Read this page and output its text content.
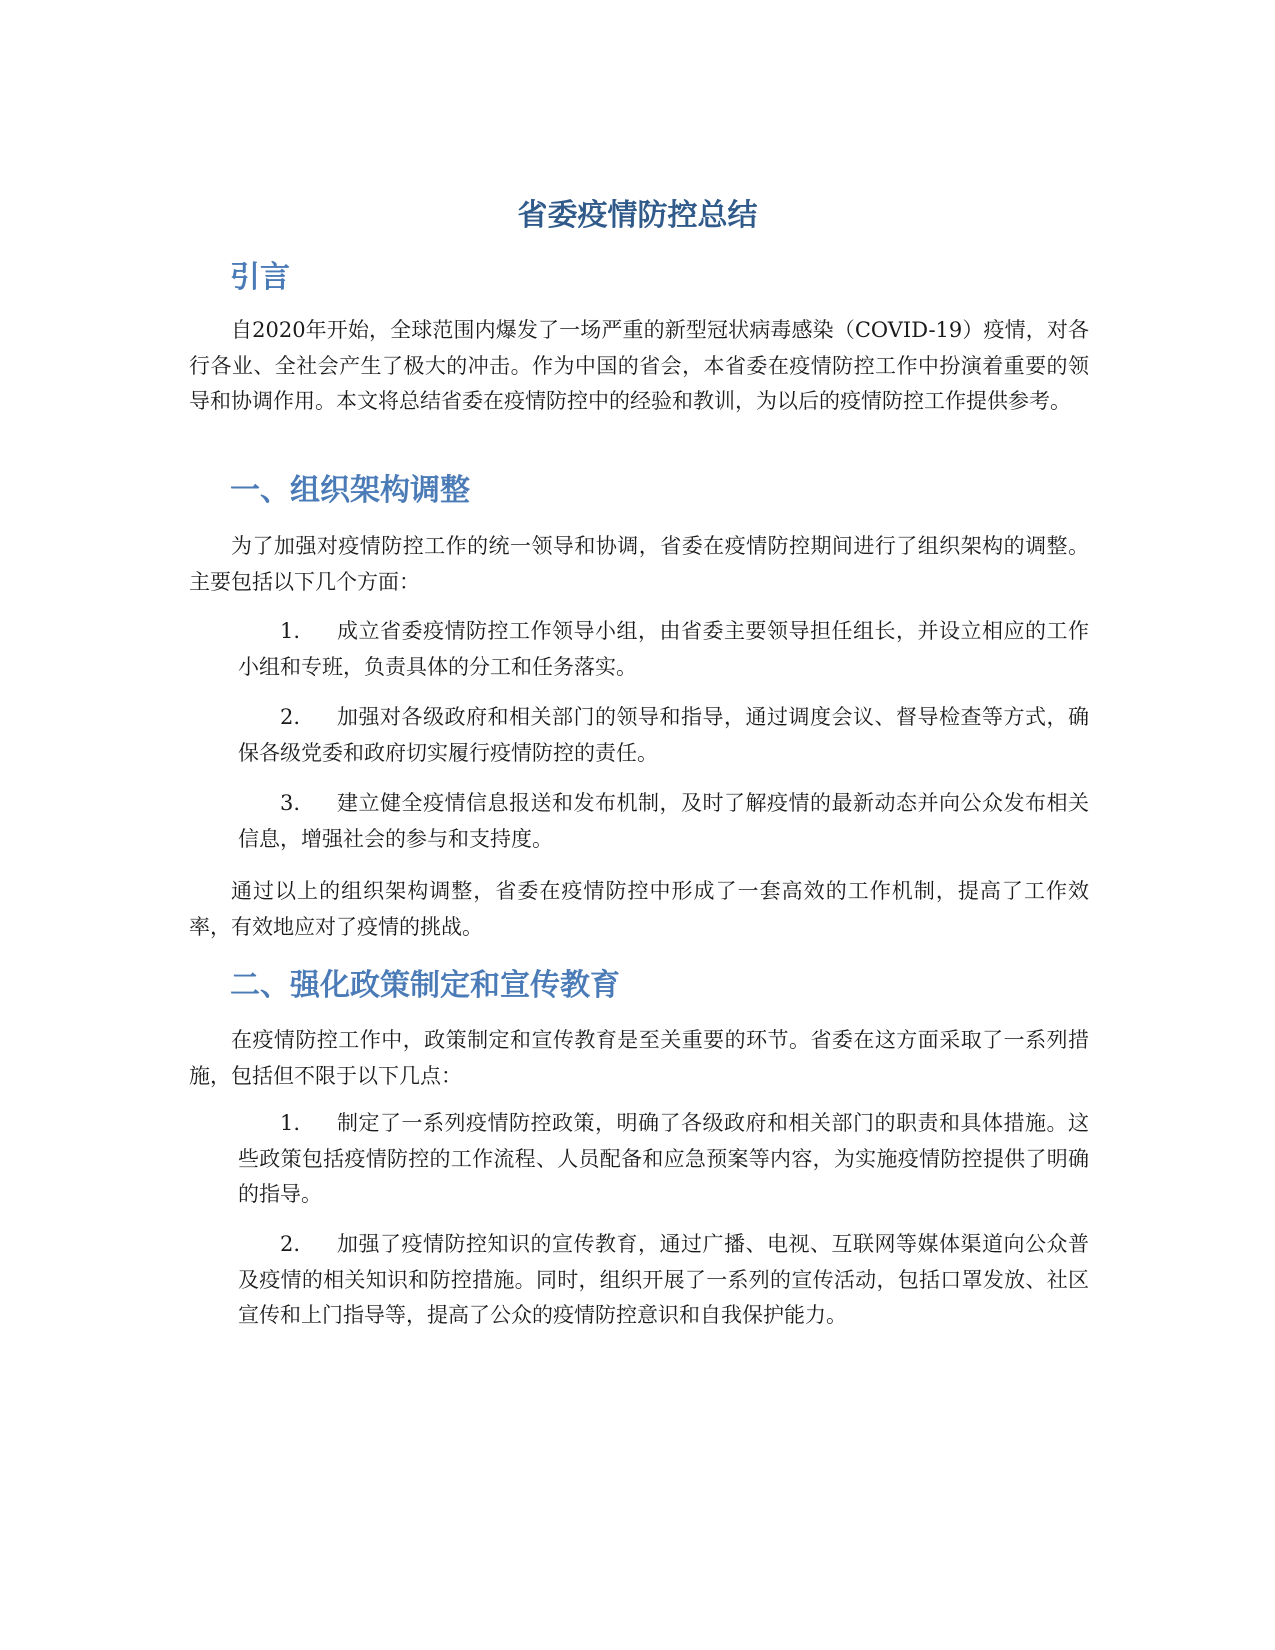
省委疫情防控总结
引言
自2020年开始，全球范围内爆发了一场严重的新型冠状病毒感染（COVID-19）疫情，对各行各业、全社会产生了极大的冲击。作为中国的省会，本省委在疫情防控工作中扮演着重要的领导和协调作用。本文将总结省委在疫情防控中的经验和教训，为以后的疫情防控工作提供参考。
一、组织架构调整
为了加强对疫情防控工作的统一领导和协调，省委在疫情防控期间进行了组织架构的调整。主要包括以下几个方面：
1.	成立省委疫情防控工作领导小组，由省委主要领导担任组长，并设立相应的工作小组和专班，负责具体的分工和任务落实。
2.	加强对各级政府和相关部门的领导和指导，通过调度会议、督导检查等方式，确保各级党委和政府切实履行疫情防控的责任。
3.	建立健全疫情信息报送和发布机制，及时了解疫情的最新动态并向公众发布相关信息，增强社会的参与和支持度。
通过以上的组织架构调整，省委在疫情防控中形成了一套高效的工作机制，提高了工作效率，有效地应对了疫情的挑战。
二、强化政策制定和宣传教育
在疫情防控工作中，政策制定和宣传教育是至关重要的环节。省委在这方面采取了一系列措施，包括但不限于以下几点：
1.	制定了一系列疫情防控政策，明确了各级政府和相关部门的职责和具体措施。这些政策包括疫情防控的工作流程、人员配备和应急预案等内容，为实施疫情防控提供了明确的指导。
2.	加强了疫情防控知识的宣传教育，通过广播、电视、互联网等媒体渠道向公众普及疫情的相关知识和防控措施。同时，组织开展了一系列的宣传活动，包括口罩发放、社区宣传和上门指导等，提高了公众的疫情防控意识和自我保护能力。
